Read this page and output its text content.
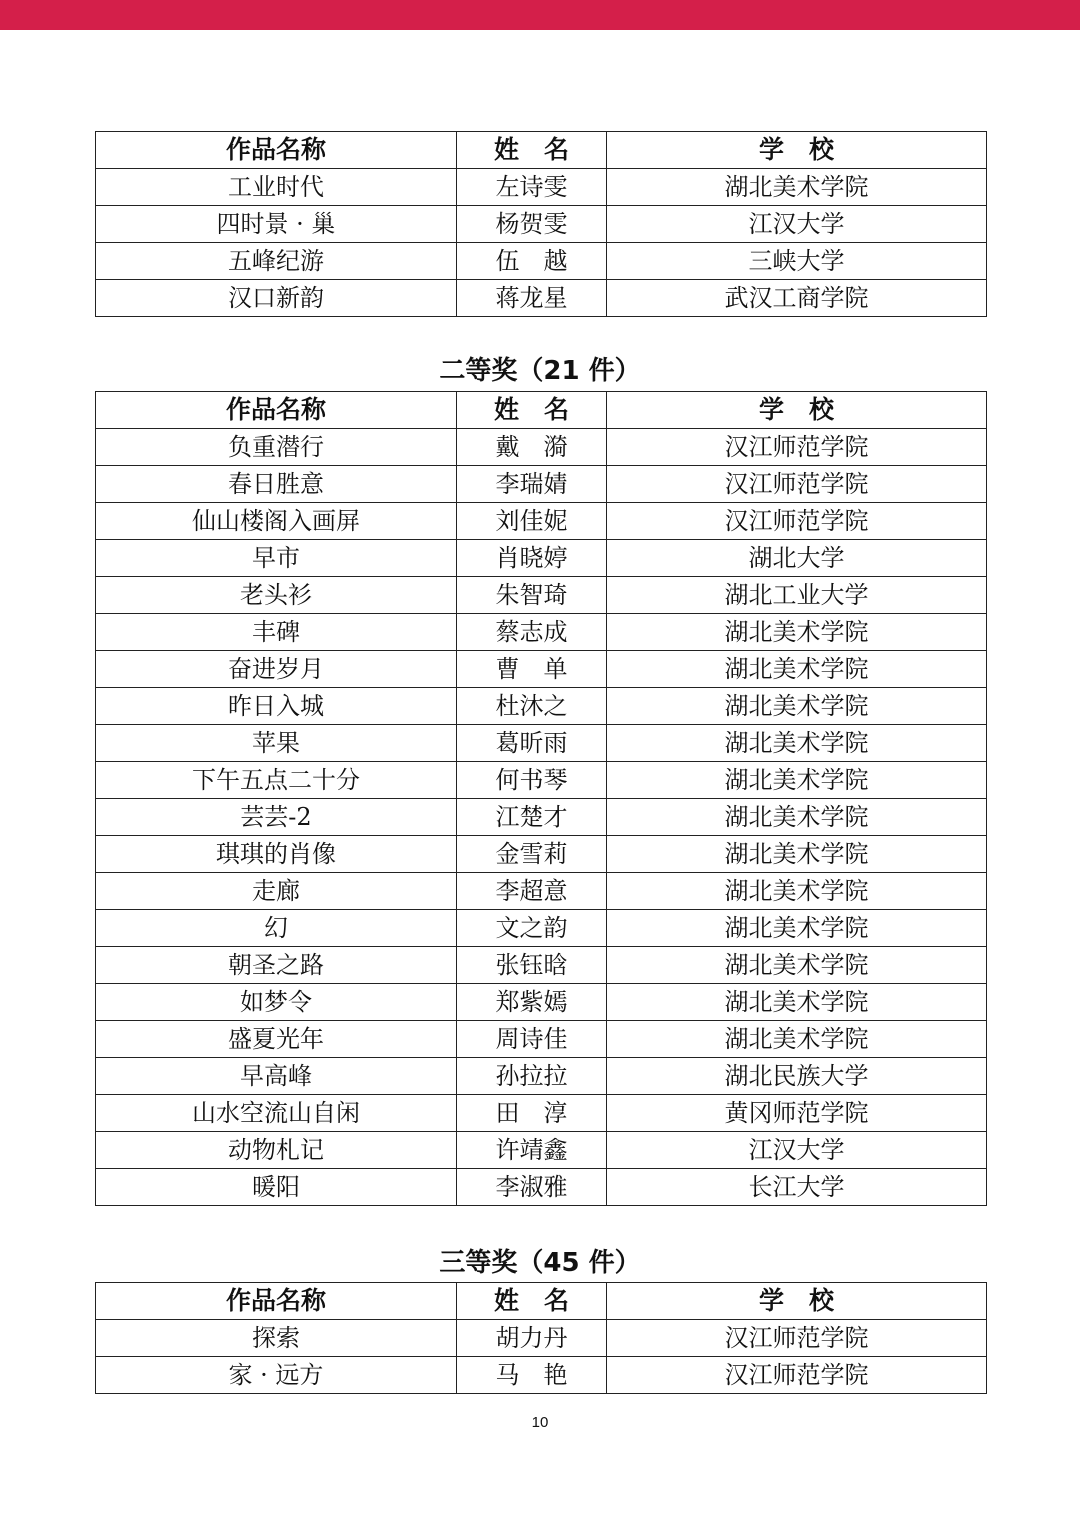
作品名称	姓　名	学　校
工业时代	左诗雯	湖北美术学院
四时景 · 巢	杨贺雯	江汉大学
五峰纪游	伍　越	三峡大学
汉口新韵	蒋龙星	武汉工商学院
二等奖（21 件）
作品名称	姓　名	学　校
负重潜行	戴　漪	汉江师范学院
春日胜意	李瑞婧	汉江师范学院
仙山楼阁入画屏	刘佳妮	汉江师范学院
早市	肖晓婷	湖北大学
老头衫	朱智琦	湖北工业大学
丰碑	蔡志成	湖北美术学院
奋进岁月	曹　单	湖北美术学院
昨日入城	杜沐之	湖北美术学院
苹果	葛昕雨	湖北美术学院
下午五点二十分	何书琴	湖北美术学院
芸芸-2	江楚才	湖北美术学院
琪琪的肖像	金雪莉	湖北美术学院
走廊	李超意	湖北美术学院
幻	文之韵	湖北美术学院
朝圣之路	张钰晗	湖北美术学院
如梦令	郑紫嫣	湖北美术学院
盛夏光年	周诗佳	湖北美术学院
早高峰	孙拉拉	湖北民族大学
山水空流山自闲	田　淳	黄冈师范学院
动物札记	许靖鑫	江汉大学
暖阳	李淑雅	长江大学
三等奖（45 件）
作品名称	姓　名	学　校
探索	胡力丹	汉江师范学院
家 · 远方	马　艳	汉江师范学院
10
